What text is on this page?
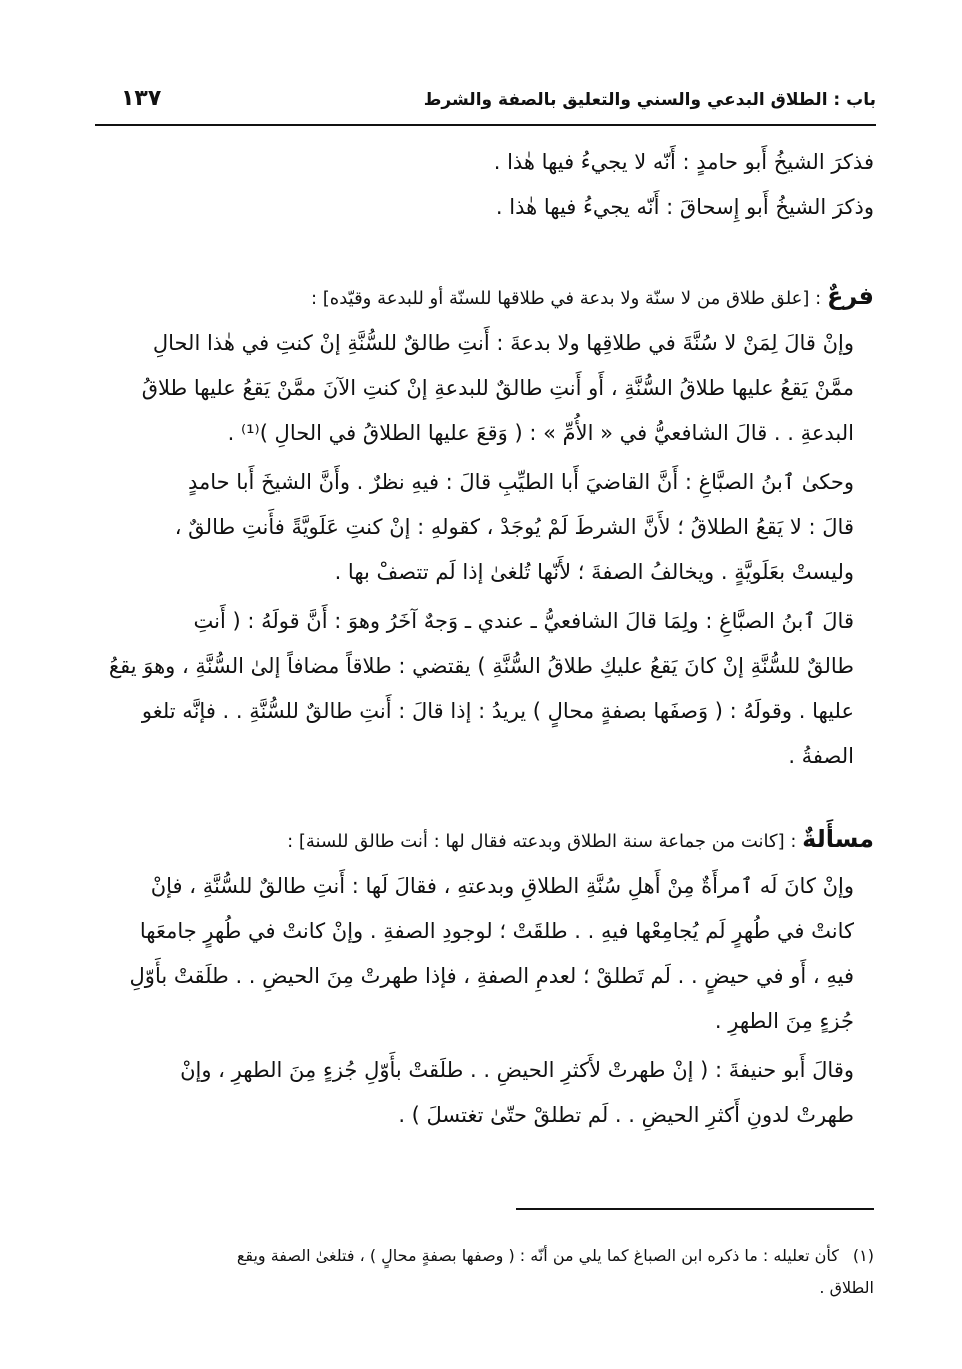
باب : الطلاق البدعي والسني والتعليق بالصفة والشرط
١٣٧
فذكرَ الشيخُ أَبو حامدٍ : أَنّه لا يجيءُ فيها هٰذا .
وذكرَ الشيخُ أَبو إِسحاقَ : أَنّه يجيءُ فيها هٰذا .
فرعٌ : [علق طلاق من لا سنّة ولا بدعة في طلاقها للسنّة أو للبدعة وقيّده] :
وإنْ قالَ لِمَنْ لا سُنَّةَ في طلاقِها ولا بدعةَ : أَنتِ طالقٌ للسُّنَّةِ إنْ كنتِ في هٰذا الحالِ
ممَّنْ يَقعُ عليها طلاقُ السُّنَّةِ ، أَو أَنتِ طالقٌ للبدعةِ إنْ كنتِ الآنَ ممَّنْ يَقعُ عليها طلاقُ
البدعةِ . . قالَ الشافعيُّ في « الأُمِّ » : ( وَقعَ عليها الطلاقُ في الحالِ )⁽¹⁾ .
وحكىٰ ٱبنُ الصبَّاغِ : أَنَّ القاضيَ أَبا الطيِّبِ قالَ : فيهِ نظرٌ . وأَنَّ الشيخَ أَبا حامدٍ
قالَ : لا يَقعُ الطلاقُ ؛ لأَنَّ الشرطَ لَمْ يُوجَدْ ، كقولهِ : إنْ كنتِ عَلَويَّةً فأَنتِ طالقٌ ،
وليستْ بعَلَويَّةٍ . ويخالفُ الصفةَ ؛ لأَنّها تُلغىٰ إذا لَم تتصفْ بها .
قالَ ٱبنُ الصبَّاغِ : ولِمَا قالَ الشافعيُّ ـ عندي ـ وَجهٌ آخَرُ وهوَ : أَنَّ قولَهُ : ( أَنتِ
طالقٌ للسُّنَّةِ إنْ كانَ يَقعُ عليكِ طلاقُ السُّنَّةِ ) يقتضي : طلاقاً مضافاً إلىٰ السُّنَّةِ ، وهوَ يقعُ
عليها . وقولَهُ : ( وَصفَها بصفةٍ محالٍ ) يريدُ : إذا قالَ : أَنتِ طالقٌ للسُّنَّةِ . . فإنَّه تلغو
الصفةُ .
مسأَلةٌ : [كانت من جماعة سنة الطلاق وبدعته فقال لها : أنت طالق للسنة] :
وإنْ كانَ لَه ٱمرأَةٌ مِنْ أَهلِ سُنَّةِ الطلاقِ وبدعتهِ ، فقالَ لَها : أَنتِ طالقٌ للسُّنَّةِ ، فإنْ
كانتْ في طُهرٍ لَم يُجامِعْها فيهِ . . طلقَتْ ؛ لوجودِ الصفةِ . وإنْ كانتْ في طُهرٍ جامعَها
فيهِ ، أَو في حيضٍ . . لَم تَطلقْ ؛ لعدمِ الصفةِ ، فإذا طهرتْ مِنَ الحيضِ . . طلَقتْ بأَوّلِ
جُزءٍ مِنَ الطهرِ .
وقالَ أَبو حنيفةَ : ( إنْ طهرتْ لأَكثرِ الحيضِ . . طلَقتْ بأَوّلِ جُزءٍ مِنَ الطهرِ ، وإنْ
طهرتْ لدونِ أَكثرِ الحيضِ . . لَم تطلقْ حتّىٰ تغتسلَ ) .
(١)كأن تعليله : ما ذكره ابن الصباغ كما يلي من أنّه : ( وصفها بصفةٍ محالٍ ) ، فتلغىٰ الصفة ويقع
الطلاق .
